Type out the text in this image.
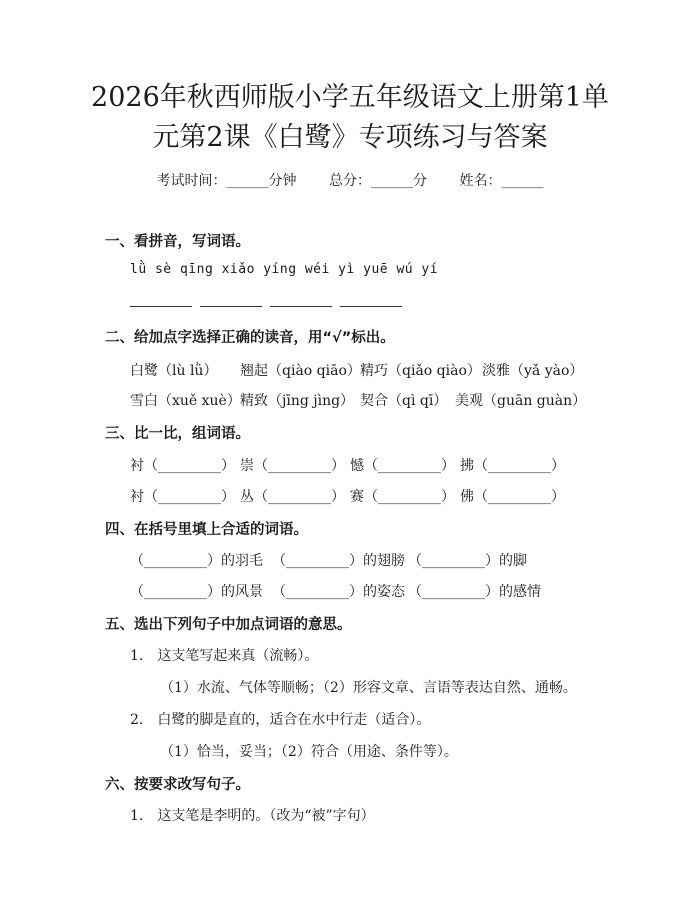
2026年秋西师版小学五年级语文上册第1单
元第2课《白鹭》专项练习与答案
考试时间：______分钟 总分：______分 姓名：______
一、看拼音，写词语。
lǜ sè qīng xiǎo yíng wéi yì yuē wú yí
二、给加点字选择正确的读音，用“√”标出。
白鹭（lù lǜ） 翘起（qiào qiāo） 精巧（qiǎo qiào） 淡雅（yǎ yào）
雪白（xuě xuè） 精致（jīng jìng） 契合（qì qī） 美观（guān guàn）
三、比一比，组词语。
衬（_________） 崇（_________） 憾（_________） 拂（_________）
衬（_________） 丛（_________） 赛（_________） 佛（_________）
四、在括号里填上合适的词语。
（_________）的羽毛 （_________）的翅膀 （_________）的脚
（_________）的风景 （_________）的姿态 （_________）的感情
五、选出下列句子中加点词语的意思。
1.　这支笔写起来真（流畅）。
（1）水流、气体等顺畅；（2）形容文章、言语等表达自然、通畅。
2.　白鹭的脚是直的，适合在水中行走（适合）。
（1）恰当，妥当；（2）符合（用途、条件等）。
六、按要求改写句子。
1.　这支笔是李明的。（改为“被”字句）
